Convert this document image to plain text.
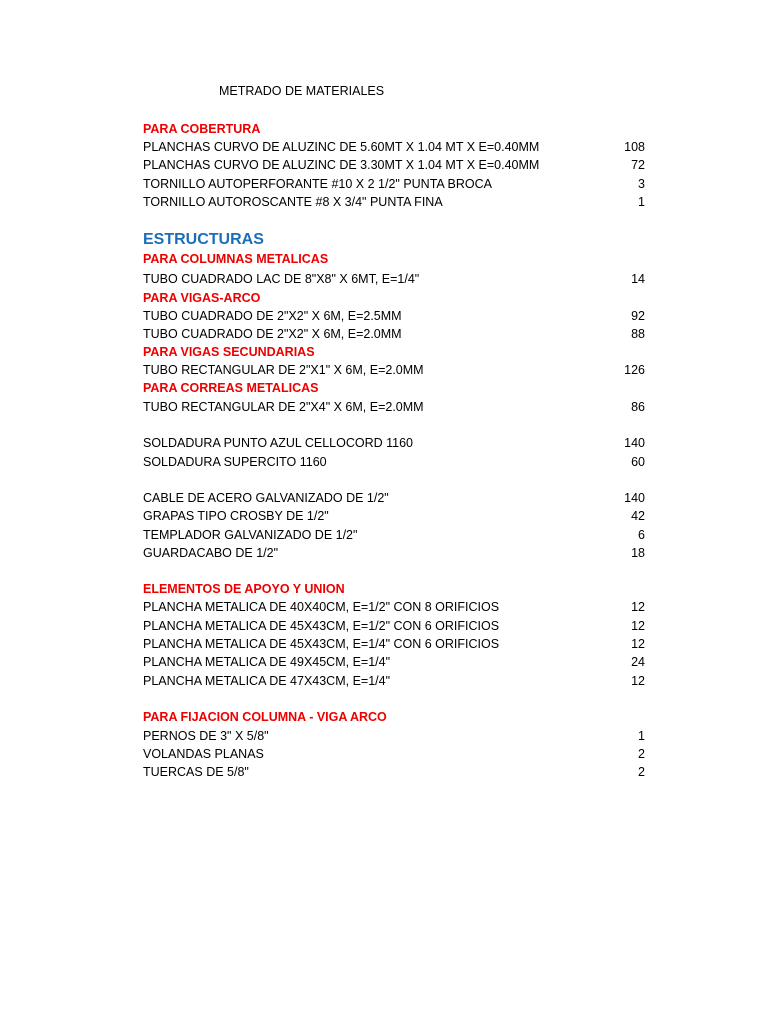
METRADO DE MATERIALES
PARA COBERTURA
PLANCHAS CURVO DE ALUZINC DE 5.60MT X 1.04 MT X E=0.40MM	108
PLANCHAS CURVO DE ALUZINC DE 3.30MT X 1.04 MT X E=0.40MM	72
TORNILLO AUTOPERFORANTE #10 X 2 1/2" PUNTA BROCA	3
TORNILLO AUTOROSCANTE #8 X 3/4" PUNTA FINA	1
ESTRUCTURAS
PARA COLUMNAS METALICAS
TUBO CUADRADO LAC DE 8"X8" X 6MT, E=1/4"	14
PARA VIGAS-ARCO
TUBO CUADRADO DE 2"X2" X 6M, E=2.5MM	92
TUBO CUADRADO DE 2"X2" X 6M, E=2.0MM	88
PARA VIGAS SECUNDARIAS
TUBO RECTANGULAR DE 2"X1" X 6M, E=2.0MM	126
PARA CORREAS METALICAS
TUBO RECTANGULAR DE 2"X4" X 6M, E=2.0MM	86
SOLDADURA PUNTO AZUL CELLOCORD 1160	140
SOLDADURA SUPERCITO 1160	60
CABLE DE ACERO GALVANIZADO DE 1/2"	140
GRAPAS TIPO CROSBY DE 1/2"	42
TEMPLADOR GALVANIZADO DE 1/2"	6
GUARDACABO DE 1/2"	18
ELEMENTOS DE APOYO Y UNION
PLANCHA METALICA DE 40X40CM, E=1/2" CON 8 ORIFICIOS	12
PLANCHA METALICA DE 45X43CM, E=1/2" CON 6 ORIFICIOS	12
PLANCHA METALICA DE 45X43CM, E=1/4" CON 6 ORIFICIOS	12
PLANCHA METALICA DE 49X45CM, E=1/4"	24
PLANCHA METALICA DE 47X43CM, E=1/4"	12
PARA FIJACION COLUMNA - VIGA ARCO
PERNOS DE 3" X 5/8"	1
VOLANDAS PLANAS	2
TUERCAS DE 5/8"	2
